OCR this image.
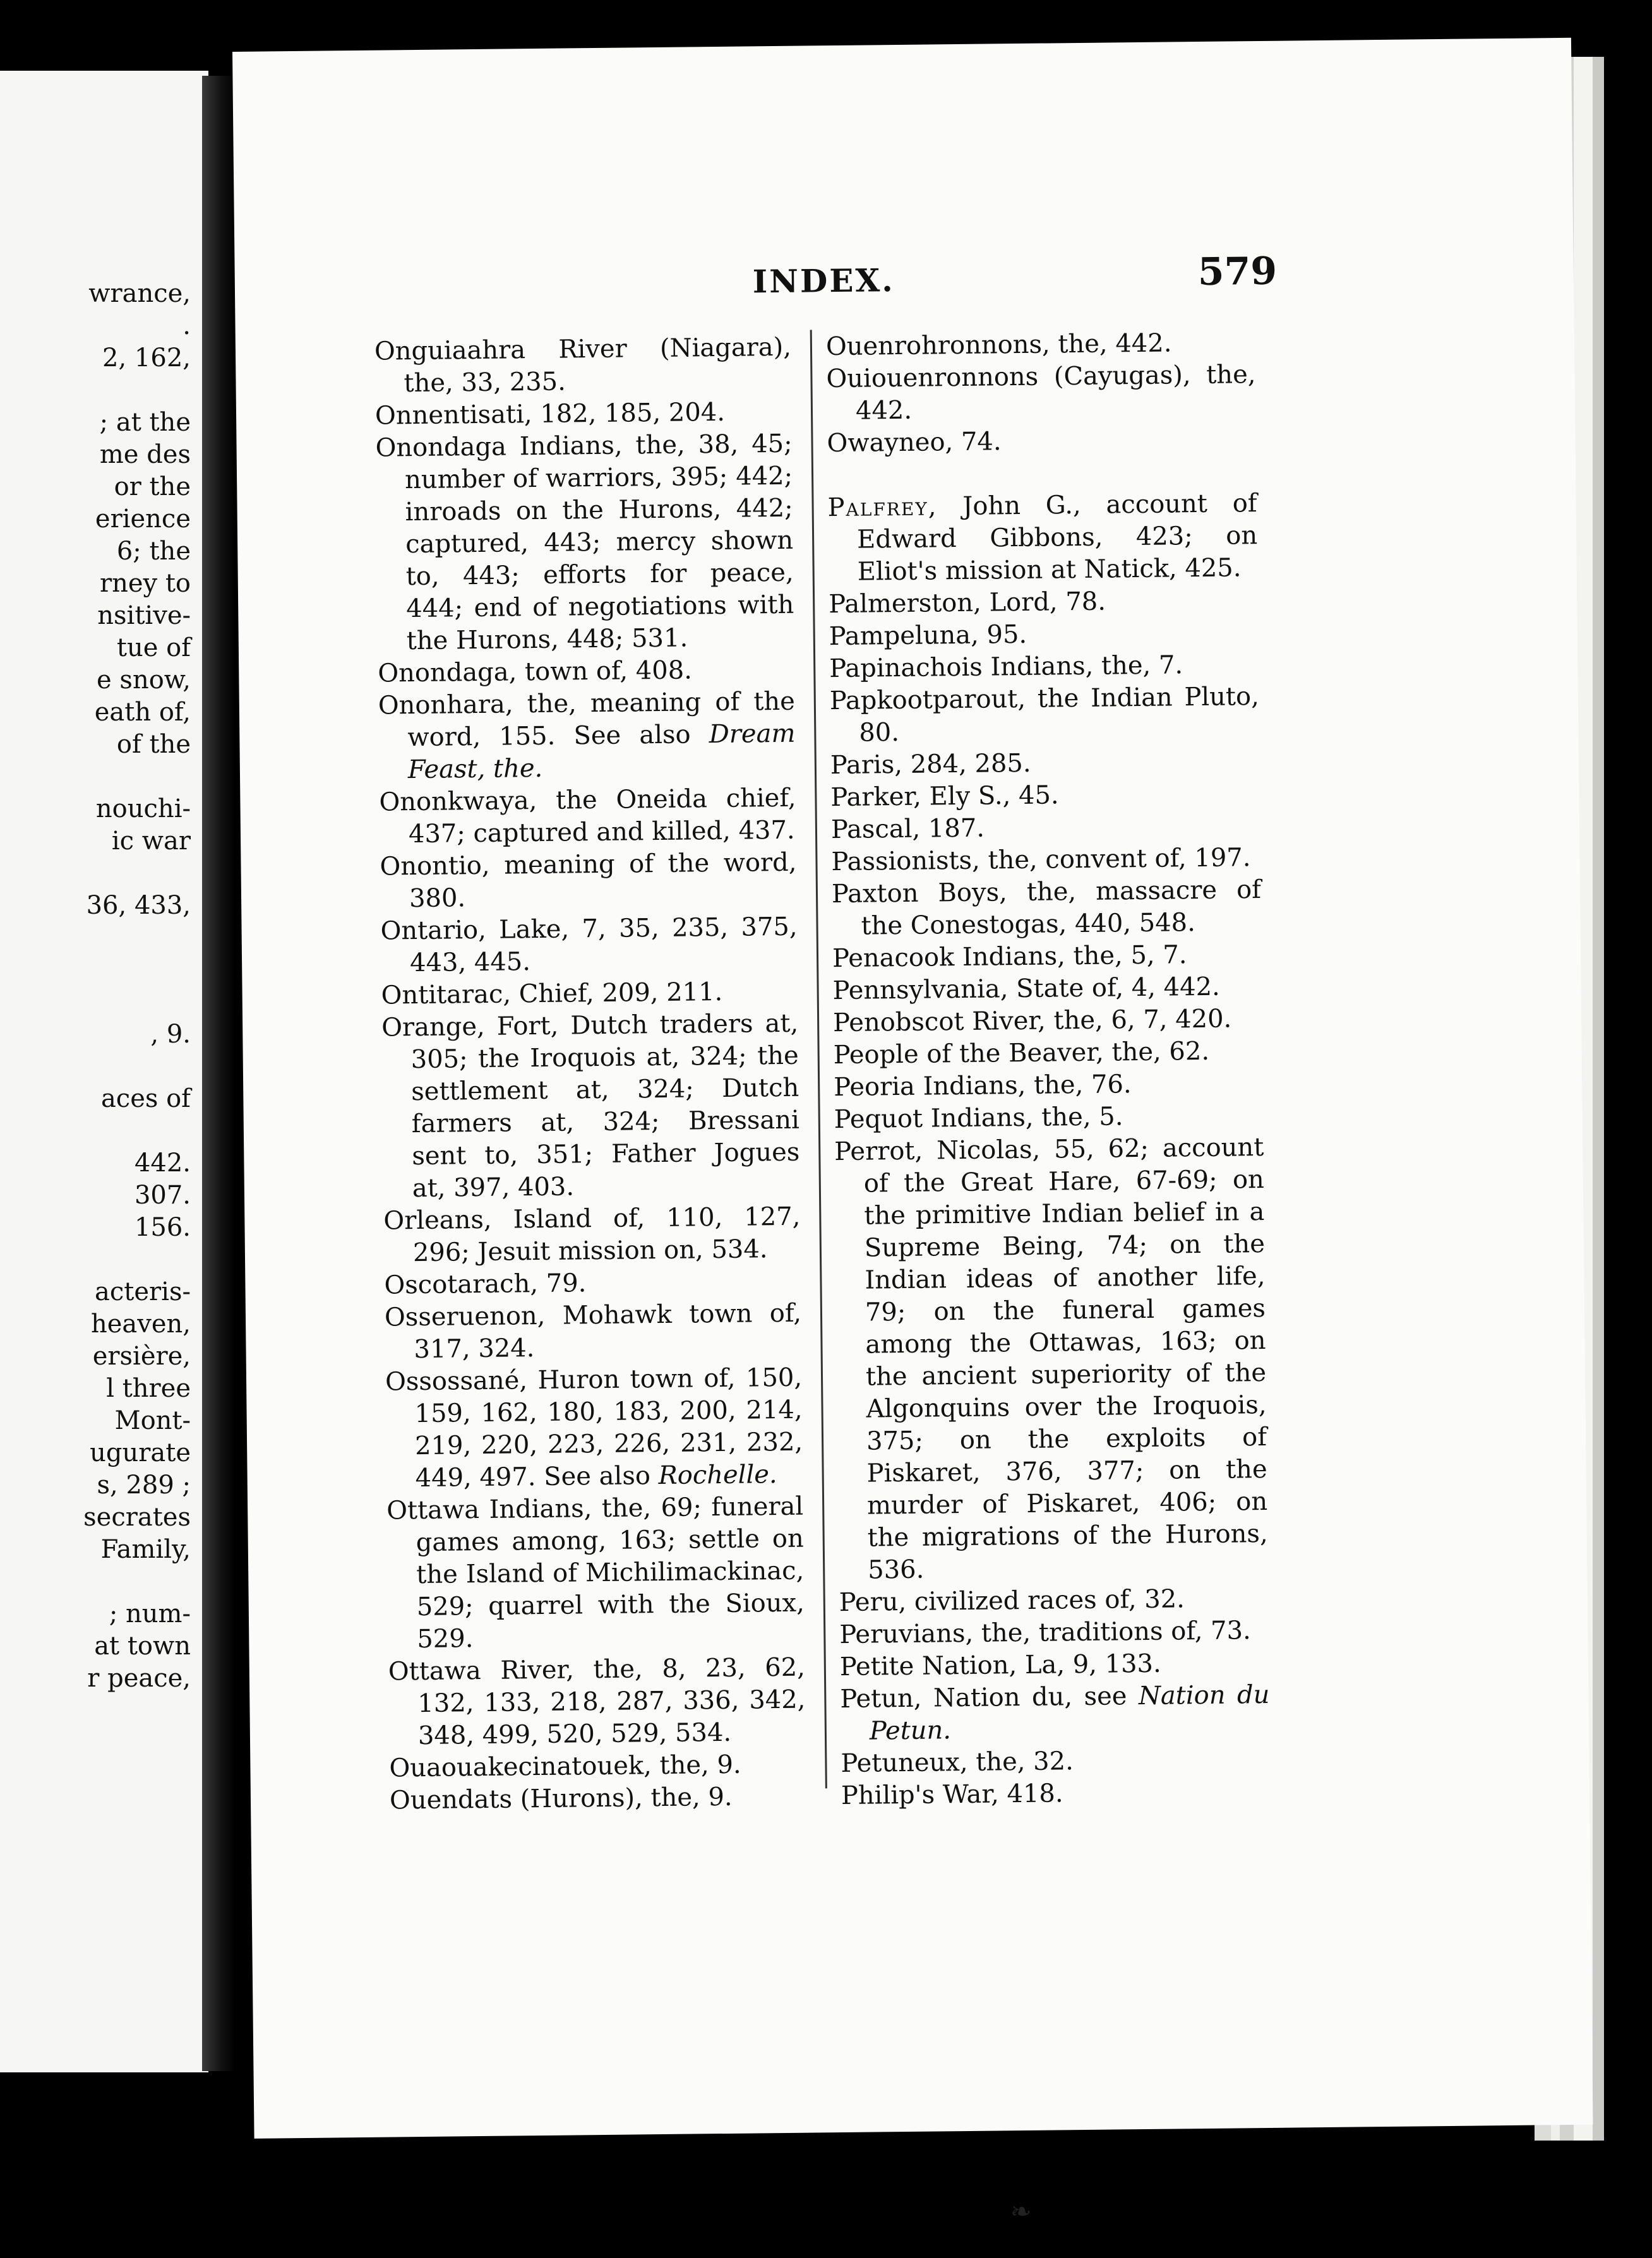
wrance,
.
2, 162,
; at the
me des
or the
erience
6; the
rney to
nsitive-
tue of
e snow,
eath of,
of the
nouchi-
ic war
36, 433,
, 9.
aces of
442.
307.
156.
acteris-
heaven,
ersière,
l three
Mont-
ugurate
s, 289 ;
secrates
Family,
; num-
at town
r peace,
INDEX.	579

Onguiaahra River (Niagara), the, 33, 235.

Onnentisati, 182, 185, 204.

Onondaga Indians, the, 38, 45; number of warriors, 395; 442; inroads on the Hurons, 442; captured, 443; mercy shown to, 443; efforts for peace, 444; end of negotiations with the Hurons, 448; 531.

Onondaga, town of, 408.

Ononhara, the, meaning of the word, 155. See also Dream Feast, the.

Ononkwaya, the Oneida chief, 437; captured and killed, 437.

Onontio, meaning of the word, 380.

Ontario, Lake, 7, 35, 235, 375, 443, 445.

Ontitarac, Chief, 209, 211.

Orange, Fort, Dutch traders at, 305; the Iroquois at, 324; the settlement at, 324; Dutch farmers at, 324; Bressani sent to, 351; Father Jogues at, 397, 403.

Orleans, Island of, 110, 127, 296; Jesuit mission on, 534.

Oscotarach, 79.

Osseruenon, Mohawk town of, 317, 324.

Ossossané, Huron town of, 150, 159, 162, 180, 183, 200, 214, 219, 220, 223, 226, 231, 232, 449, 497. See also Rochelle.

Ottawa Indians, the, 69; funeral games among, 163; settle on the Island of Michilimackinac, 529; quarrel with the Sioux, 529.

Ottawa River, the, 8, 23, 62, 132, 133, 218, 287, 336, 342, 348, 499, 520, 529, 534.

Ouaouakecinatouek, the, 9.

Ouendats (Hurons), the, 9.

Ouenrohronnons, the, 442.

Ouiouenronnons (Cayugas), the, 442.

Owayneo, 74.

Palfrey, John G., account of Edward Gibbons, 423; on Eliot's mission at Natick, 425.

Palmerston, Lord, 78.

Pampeluna, 95.

Papinachois Indians, the, 7.

Papkootparout, the Indian Pluto, 80.

Paris, 284, 285.

Parker, Ely S., 45.

Pascal, 187.

Passionists, the, convent of, 197.

Paxton Boys, the, massacre of the Conestogas, 440, 548.

Penacook Indians, the, 5, 7.

Pennsylvania, State of, 4, 442.

Penobscot River, the, 6, 7, 420.

People of the Beaver, the, 62.

Peoria Indians, the, 76.

Pequot Indians, the, 5.

Perrot, Nicolas, 55, 62; account of the Great Hare, 67-69; on the primitive Indian belief in a Supreme Being, 74; on the Indian ideas of another life, 79; on the funeral games among the Ottawas, 163; on the ancient superiority of the Algonquins over the Iroquois, 375; on the exploits of Piskaret, 376, 377; on the murder of Piskaret, 406; on the migrations of the Hurons, 536.

Peru, civilized races of, 32.

Peruvians, the, traditions of, 73.

Petite Nation, La, 9, 133.

Petun, Nation du, see Nation du Petun.

Petuneux, the, 32.

Philip's War, 418.

❧
